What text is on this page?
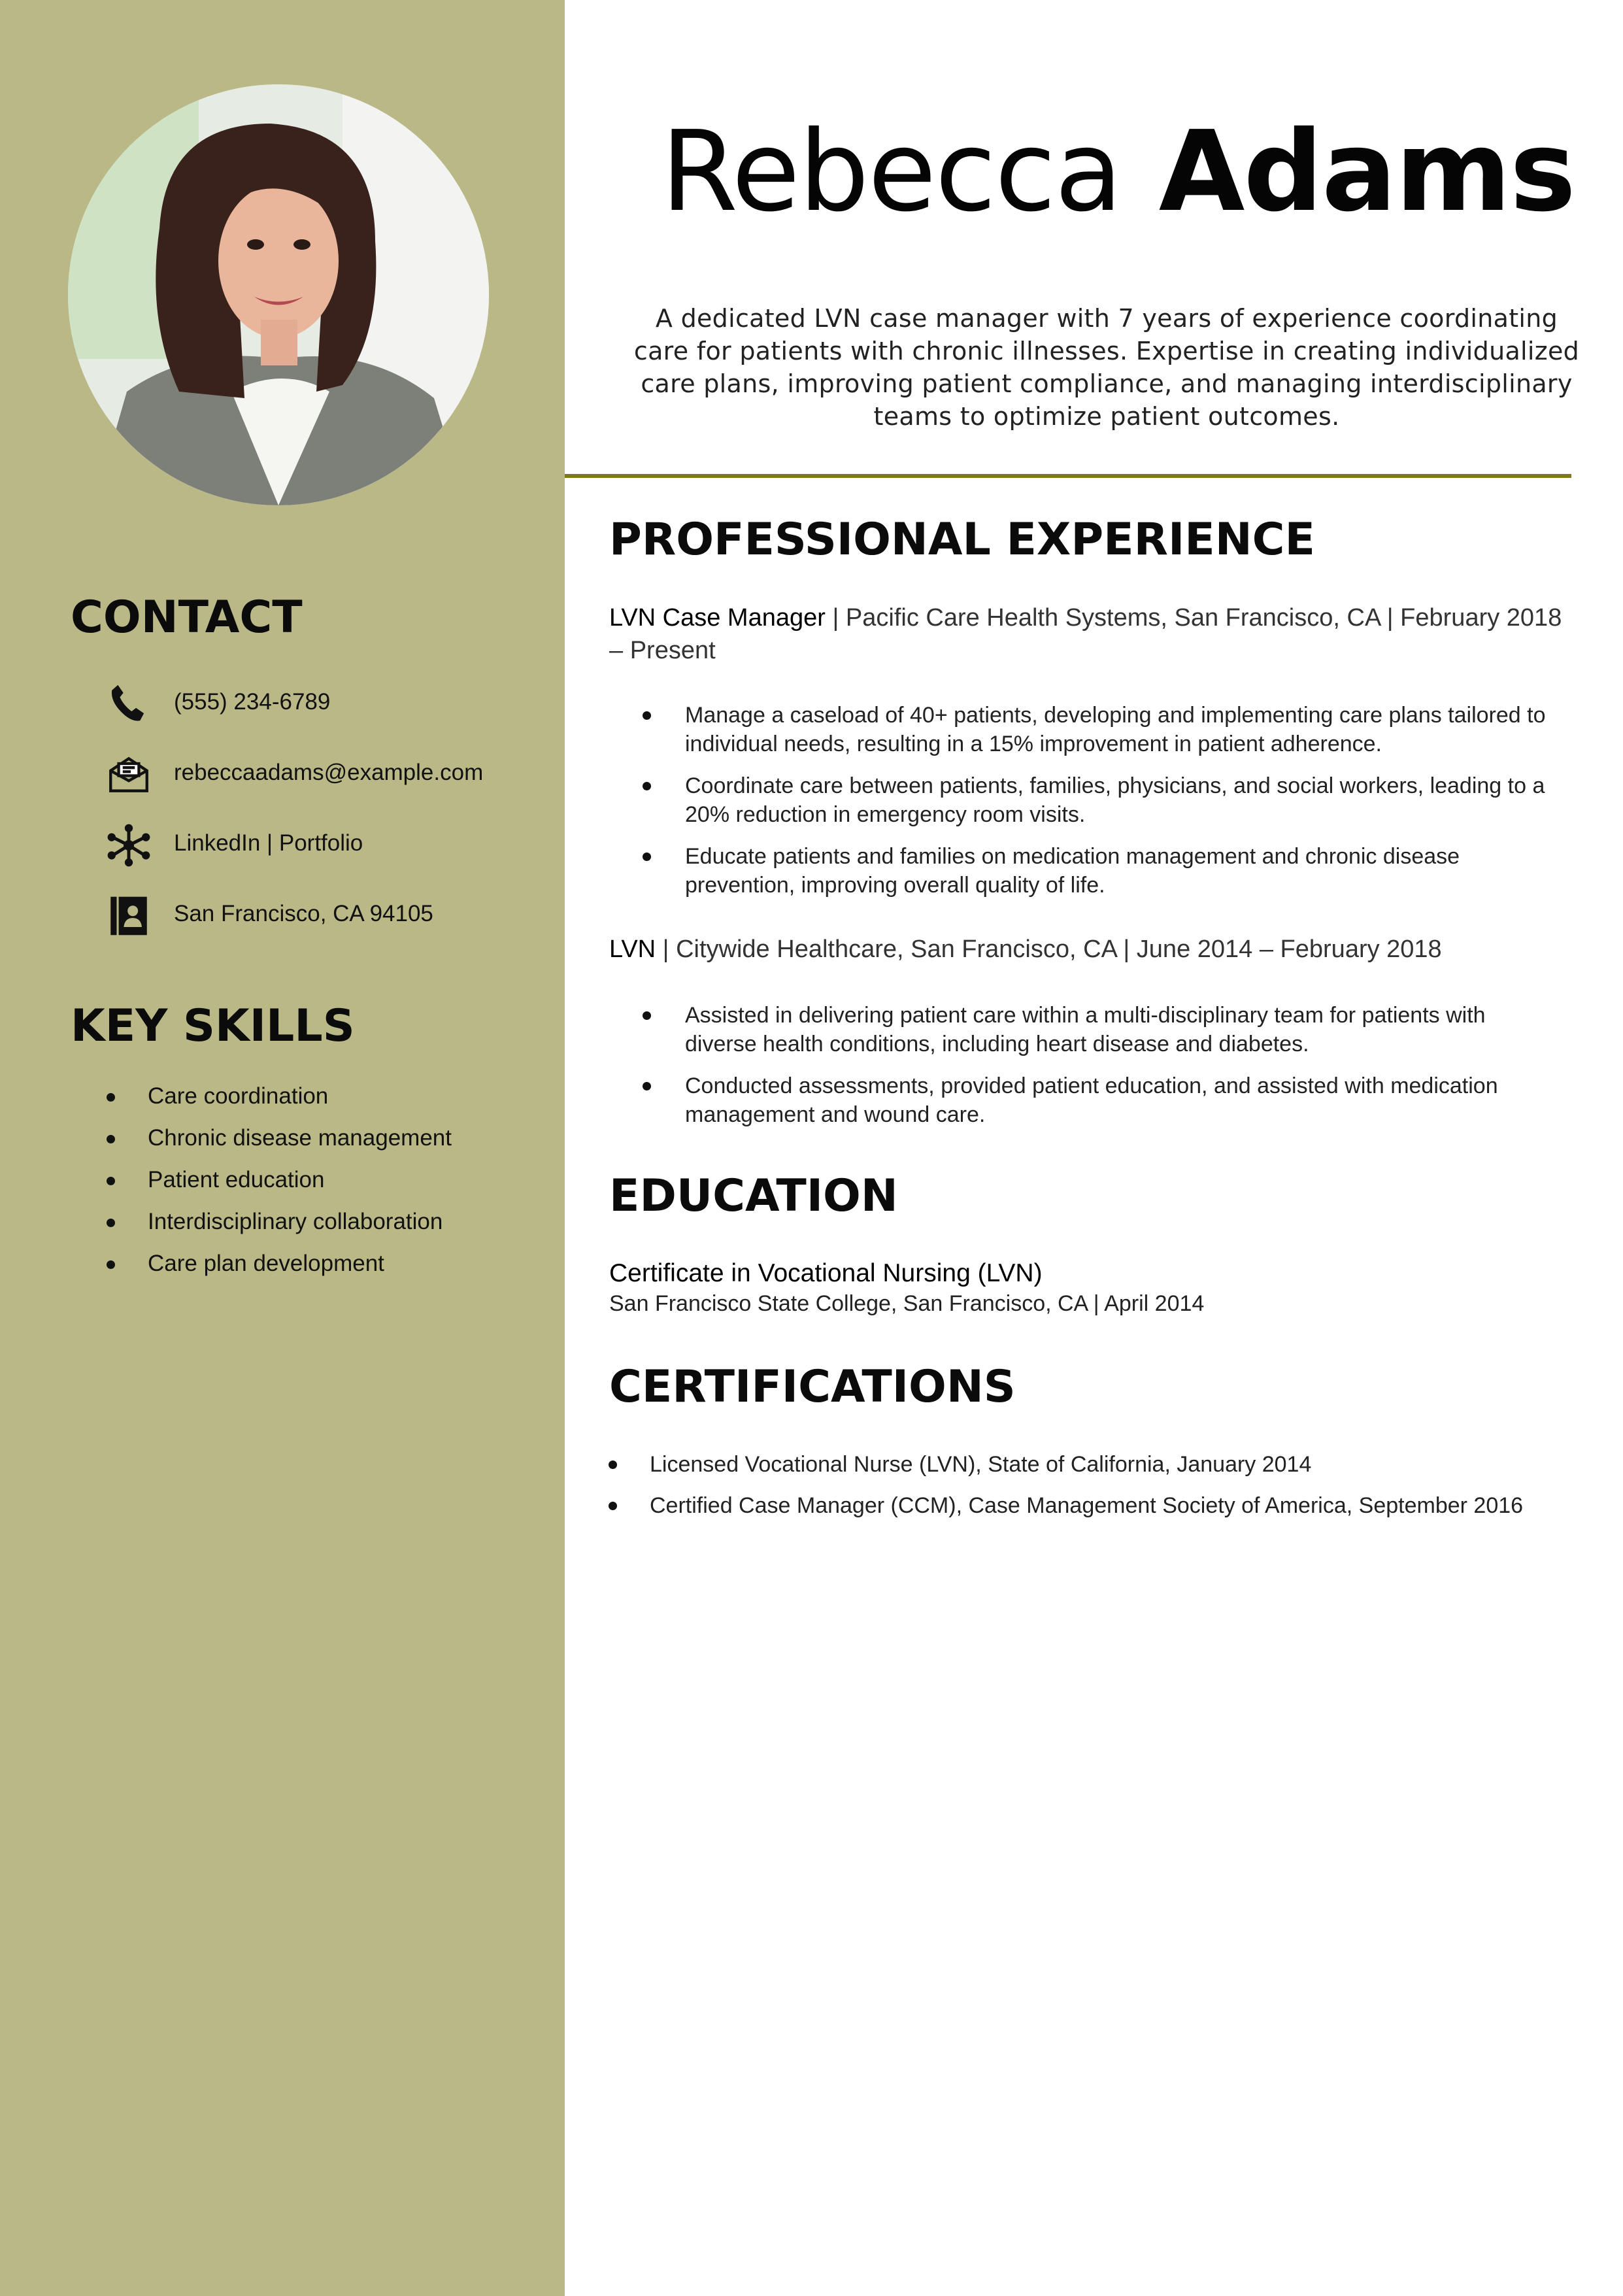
CONTACT
(555) 234-6789
rebeccaadams@example.com
LinkedIn | Portfolio
San Francisco, CA 94105
KEY SKILLS
Care coordination
Chronic disease management
Patient education
Interdisciplinary collaboration
Care plan development
Rebecca Adams

A dedicated LVN case manager with 7 years of experience coordinating care for patients with chronic illnesses. Expertise in creating individualized care plans, improving patient compliance, and managing interdisciplinary teams to optimize patient outcomes.

PROFESSIONAL EXPERIENCE

LVN Case Manager | Pacific Care Health Systems, San Francisco, CA | February 2018 – Present

Manage a caseload of 40+ patients, developing and implementing care plans tailored to individual needs, resulting in a 15% improvement in patient adherence.
Coordinate care between patients, families, physicians, and social workers, leading to a 20% reduction in emergency room visits.
Educate patients and families on medication management and chronic disease prevention, improving overall quality of life.

LVN | Citywide Healthcare, San Francisco, CA | June 2014 – February 2018

Assisted in delivering patient care within a multi-disciplinary team for patients with diverse health conditions, including heart disease and diabetes.
Conducted assessments, provided patient education, and assisted with medication management and wound care.
EDUCATION

Certificate in Vocational Nursing (LVN)

San Francisco State College, San Francisco, CA | April 2014

CERTIFICATIONS
Licensed Vocational Nurse (LVN), State of California, January 2014
Certified Case Manager (CCM), Case Management Society of America, September 2016
